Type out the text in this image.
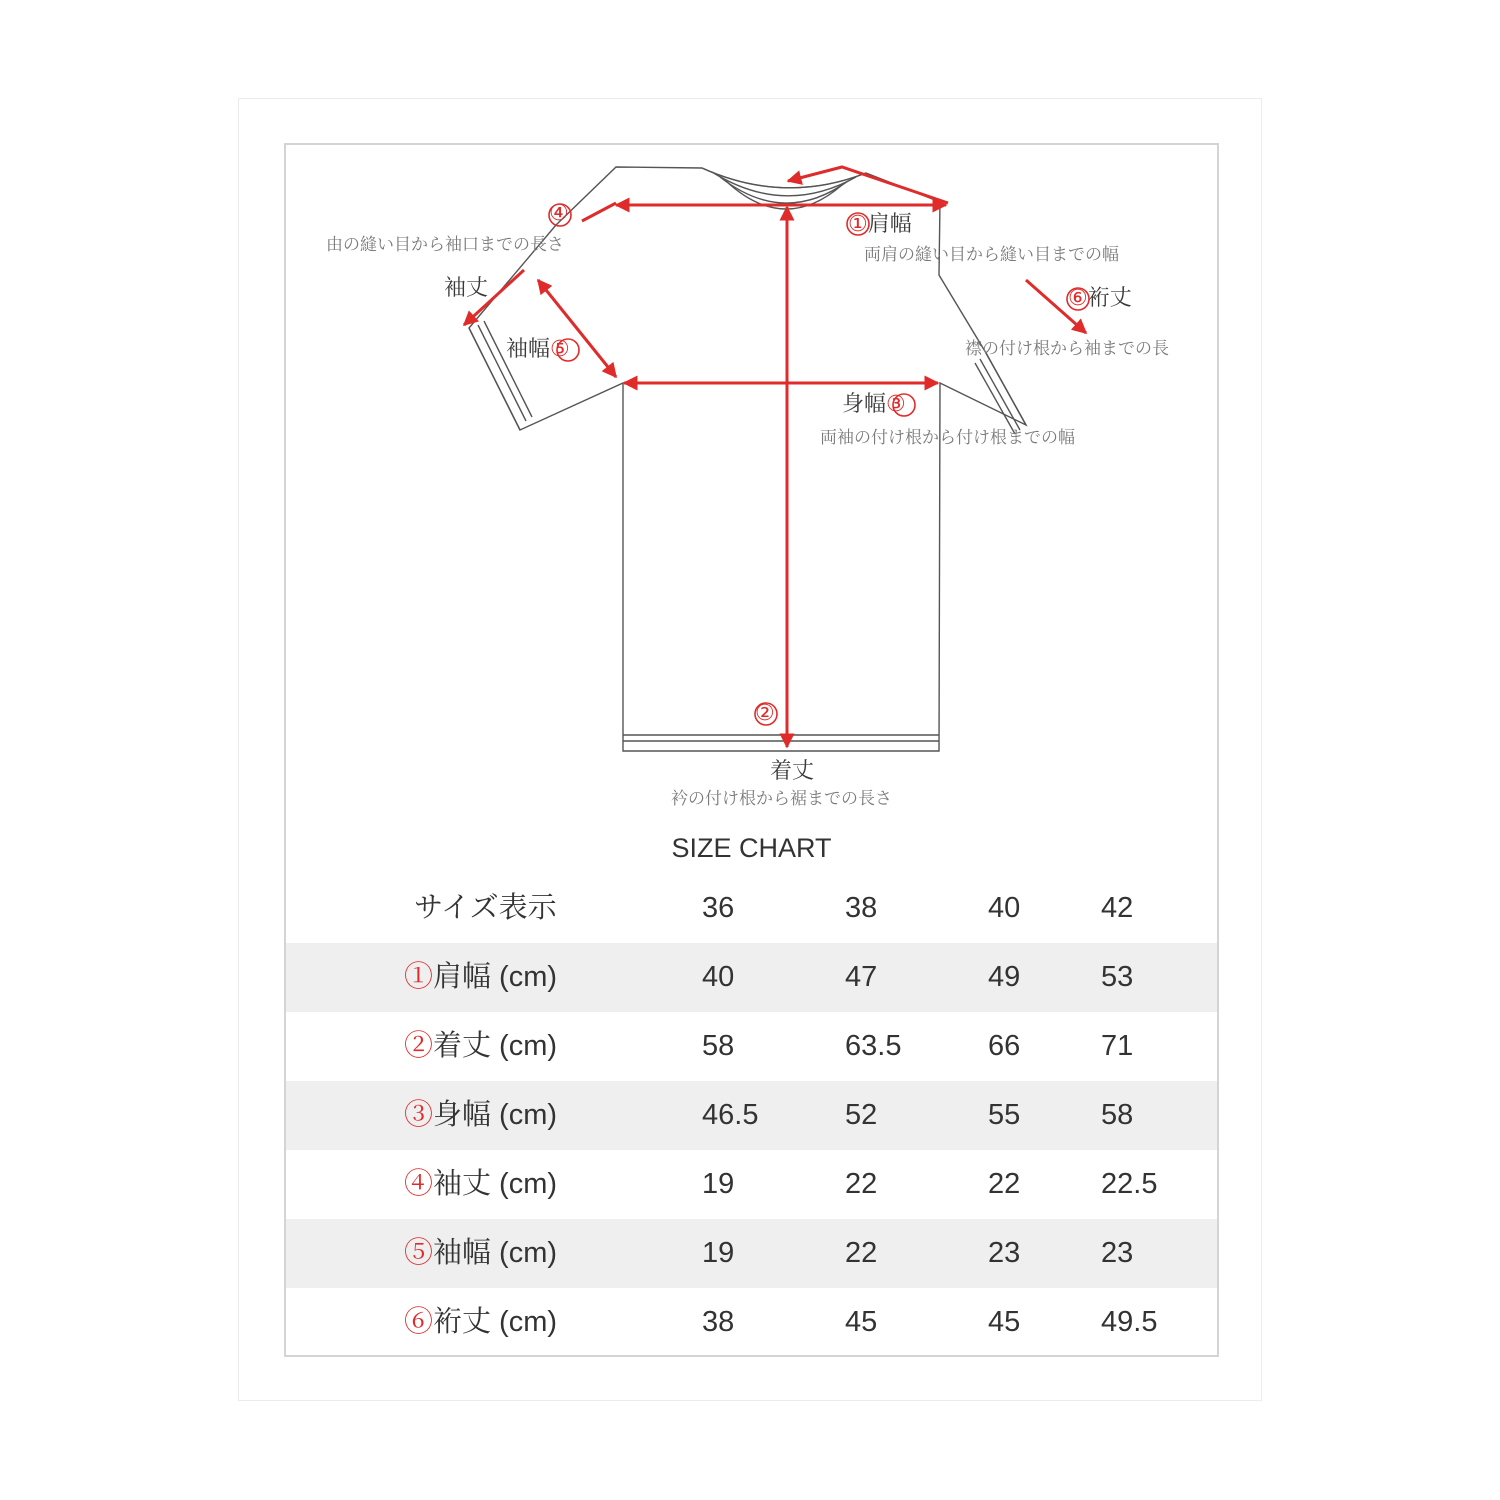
①肩幅
両肩の縫い目から縫い目までの幅
④
由の縫い目から袖口までの長さ
袖丈
袖幅⑤
⑥裄丈
襟の付け根から袖までの長
身幅③
両袖の付け根から付け根までの幅
②
着丈
衿の付け根から裾までの長さ
SIZE CHART
サイズ表示	36	38	40	42
①肩幅 (cm)	40	47	49	53
②着丈 (cm)	58	63.5	66	71
③身幅 (cm)	46.5	52	55	58
④袖丈 (cm)	19	22	22	22.5
⑤袖幅 (cm)	19	22	23	23
⑥裄丈 (cm)	38	45	45	49.5
